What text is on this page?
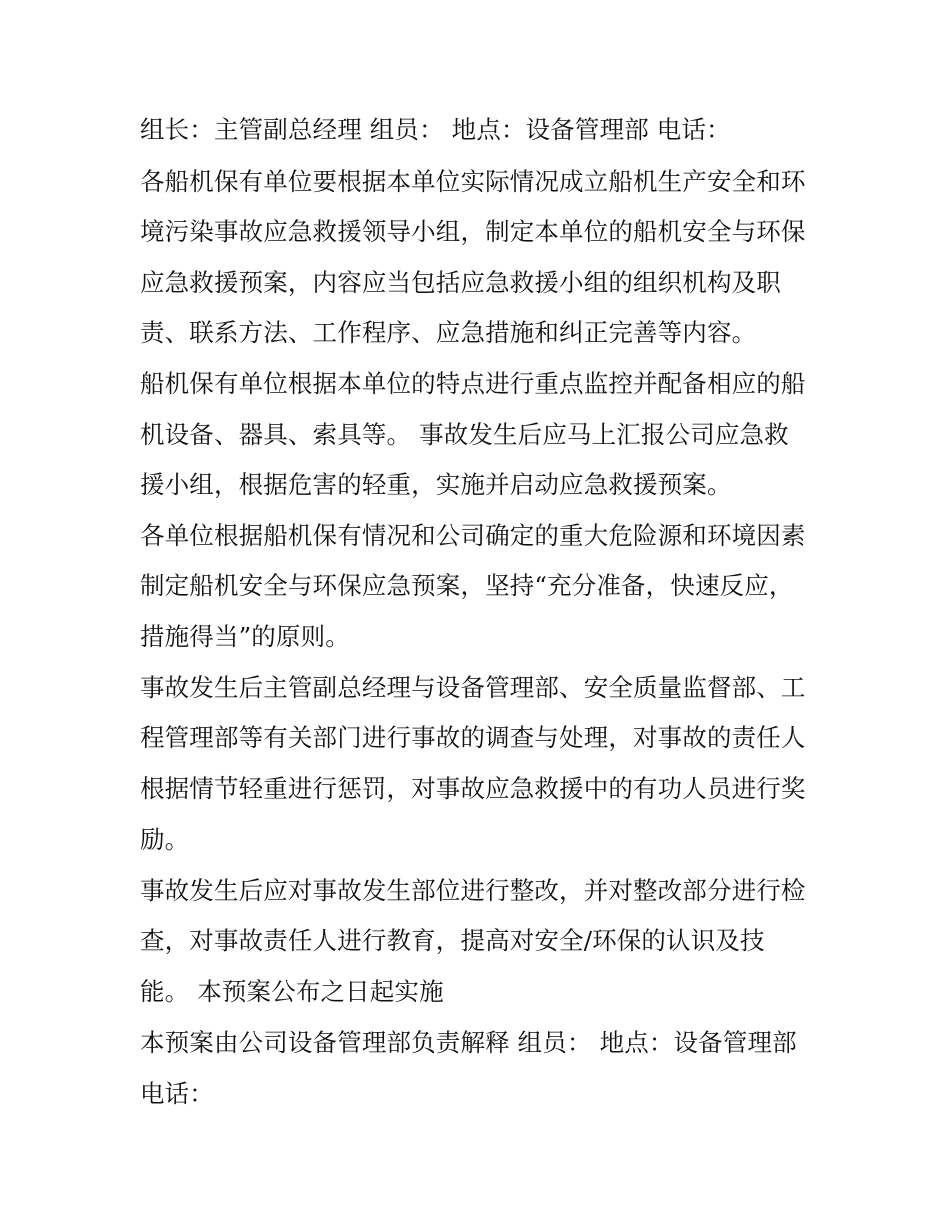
组长：主管副总经理 组员： 地点：设备管理部 电话：

各船机保有单位要根据本单位实际情况成立船机生产安全和环

境污染事故应急救援领导小组，制定本单位的船机安全与环保

应急救援预案，内容应当包括应急救援小组的组织机构及职

责、联系方法、工作程序、应急措施和纠正完善等内容。

船机保有单位根据本单位的特点进行重点监控并配备相应的船

机设备、器具、索具等。 事故发生后应马上汇报公司应急救

援小组，根据危害的轻重，实施并启动应急救援预案。

各单位根据船机保有情况和公司确定的重大危险源和环境因素

制定船机安全与环保应急预案，坚持“充分准备，快速反应，

措施得当”的原则。

事故发生后主管副总经理与设备管理部、安全质量监督部、工

程管理部等有关部门进行事故的调查与处理，对事故的责任人

根据情节轻重进行惩罚，对事故应急救援中的有功人员进行奖

励。

事故发生后应对事故发生部位进行整改，并对整改部分进行检

查，对事故责任人进行教育，提高对安全/环保的认识及技

能。 本预案公布之日起实施

本预案由公司设备管理部负责解释 组员： 地点：设备管理部

电话：
